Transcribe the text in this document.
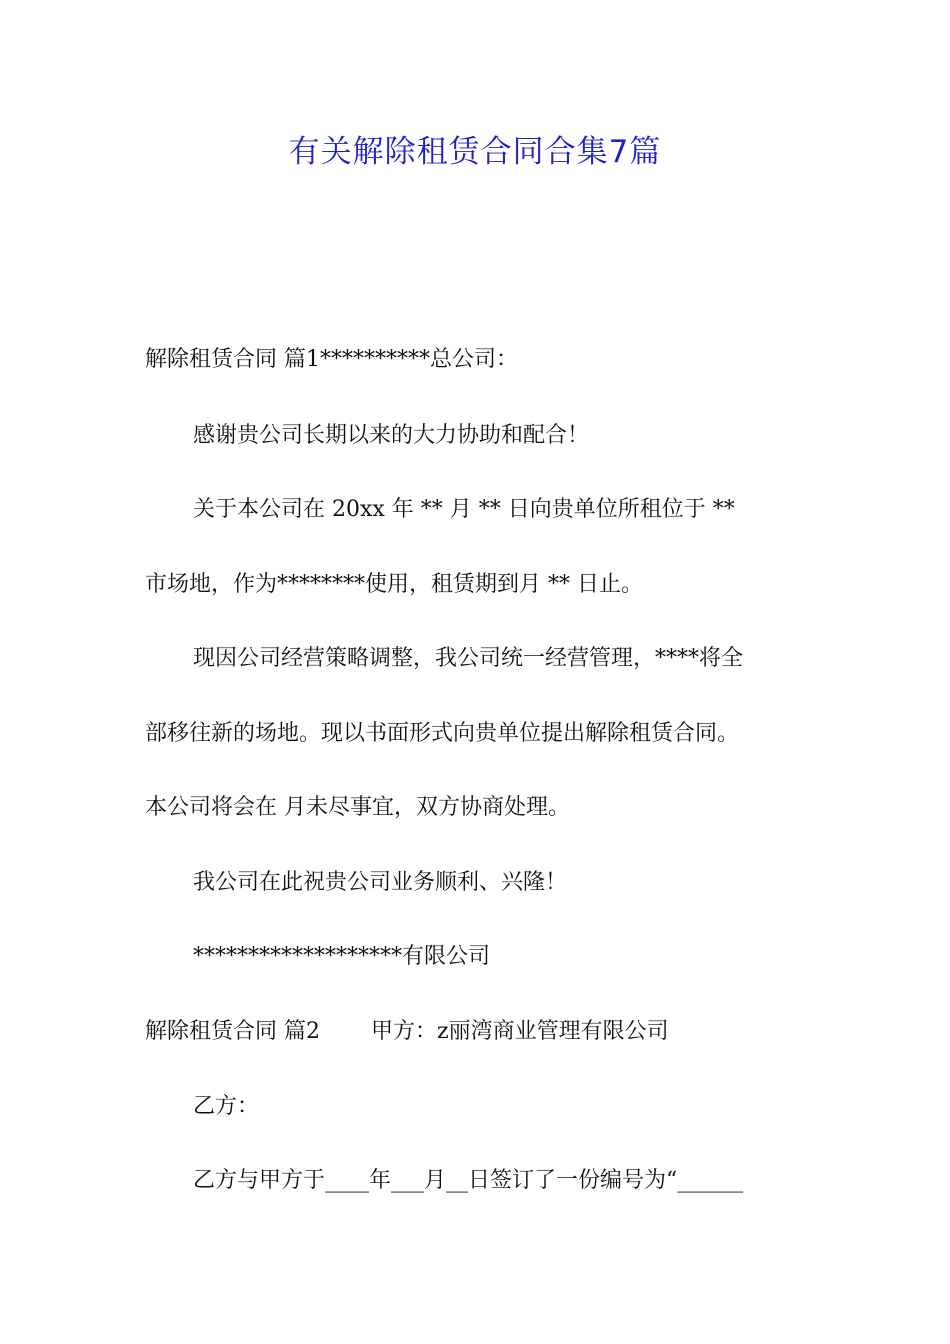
有关解除租赁合同合集7篇
解除租赁合同 篇1**********总公司：
感谢贵公司长期以来的大力协助和配合！
关于本公司在 20xx 年 ** 月 ** 日向贵单位所租位于 **
市场地，作为********使用，租赁期到月 ** 日止。
现因公司经营策略调整，我公司统一经营管理，****将全
部移往新的场地。现以书面形式向贵单位提出解除租赁合同。
本公司将会在 月未尽事宜，双方协商处理。
我公司在此祝贵公司业务顺利、兴隆！
*******************有限公司
解除租赁合同 篇2　　 甲方：z丽湾商业管理有限公司
乙方：
乙方与甲方于____年___月__日签订了一份编号为“______
